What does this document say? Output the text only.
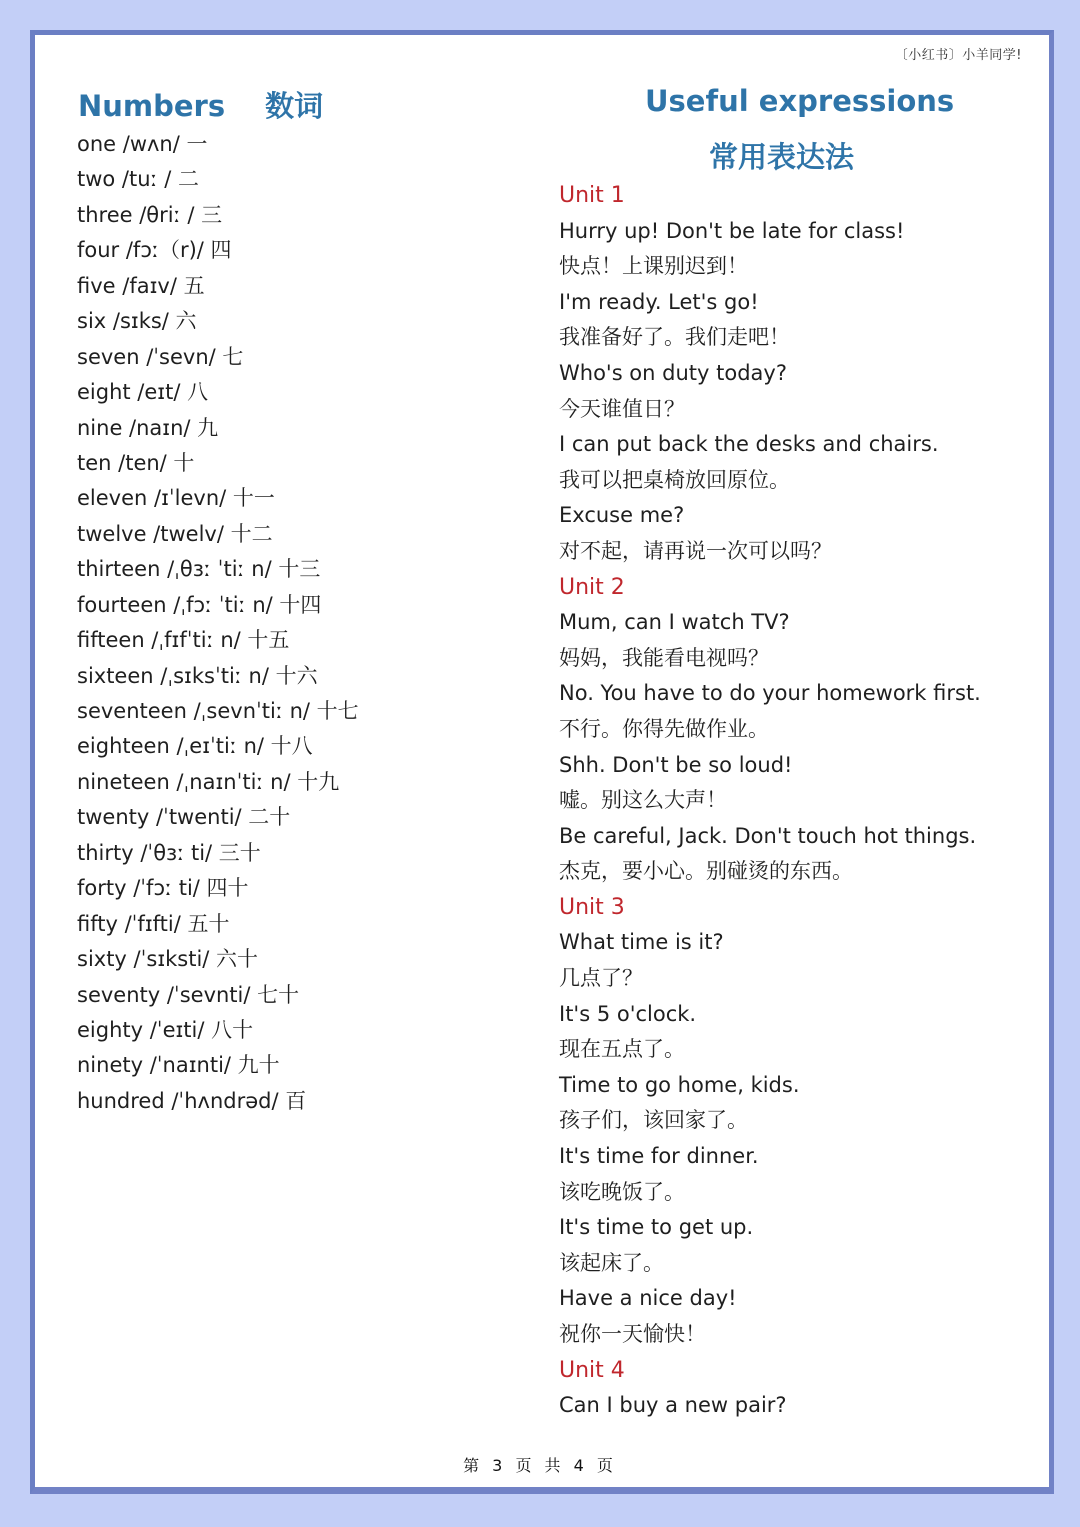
〔小红书〕小羊同学!
Numbers 数词	Useful expressions
常用表达法
one /wʌn/ 一
two /tuː / 二
three /θriː / 三
four /fɔː（r)/ 四
five /faɪv/ 五
six /sɪks/ 六
seven /ˈsevn/ 七
eight /eɪt/ 八
nine /naɪn/ 九
ten /ten/ 十
eleven /ɪˈlevn/ 十一
twelve /twelv/ 十二
thirteen /ˌθɜː ˈtiː n/ 十三
fourteen /ˌfɔː ˈtiː n/ 十四
fifteen /ˌfɪfˈtiː n/ 十五
sixteen /ˌsɪksˈtiː n/ 十六
seventeen /ˌsevnˈtiː n/ 十七
eighteen /ˌeɪˈtiː n/ 十八
nineteen /ˌnaɪnˈtiː n/ 十九
twenty /ˈtwenti/ 二十
thirty /ˈθɜː ti/ 三十
forty /ˈfɔː ti/ 四十
fifty /ˈfɪfti/ 五十
sixty /ˈsɪksti/ 六十
seventy /ˈsevnti/ 七十
eighty /ˈeɪti/ 八十
ninety /ˈnaɪnti/ 九十
hundred /ˈhʌndrəd/ 百
Unit 1
Hurry up! Don't be late for class!
快点！上课别迟到！
I'm ready. Let's go!
我准备好了。我们走吧！
Who's on duty today?
今天谁值日？
I can put back the desks and chairs.
我可以把桌椅放回原位。
Excuse me?
对不起，请再说一次可以吗？
Unit 2
Mum, can I watch TV?
妈妈，我能看电视吗？
No. You have to do your homework first.
不行。你得先做作业。
Shh. Don't be so loud!
嘘。别这么大声！
Be careful, Jack. Don't touch hot things.
杰克，要小心。别碰烫的东西。
Unit 3
What time is it?
几点了？
It's 5 o'clock.
现在五点了。
Time to go home, kids.
孩子们，该回家了。
It's time for dinner.
该吃晚饭了。
It's time to get up.
该起床了。
Have a nice day!
祝你一天愉快！
Unit 4
Can I buy a new pair?
第 3 页 共 4 页
